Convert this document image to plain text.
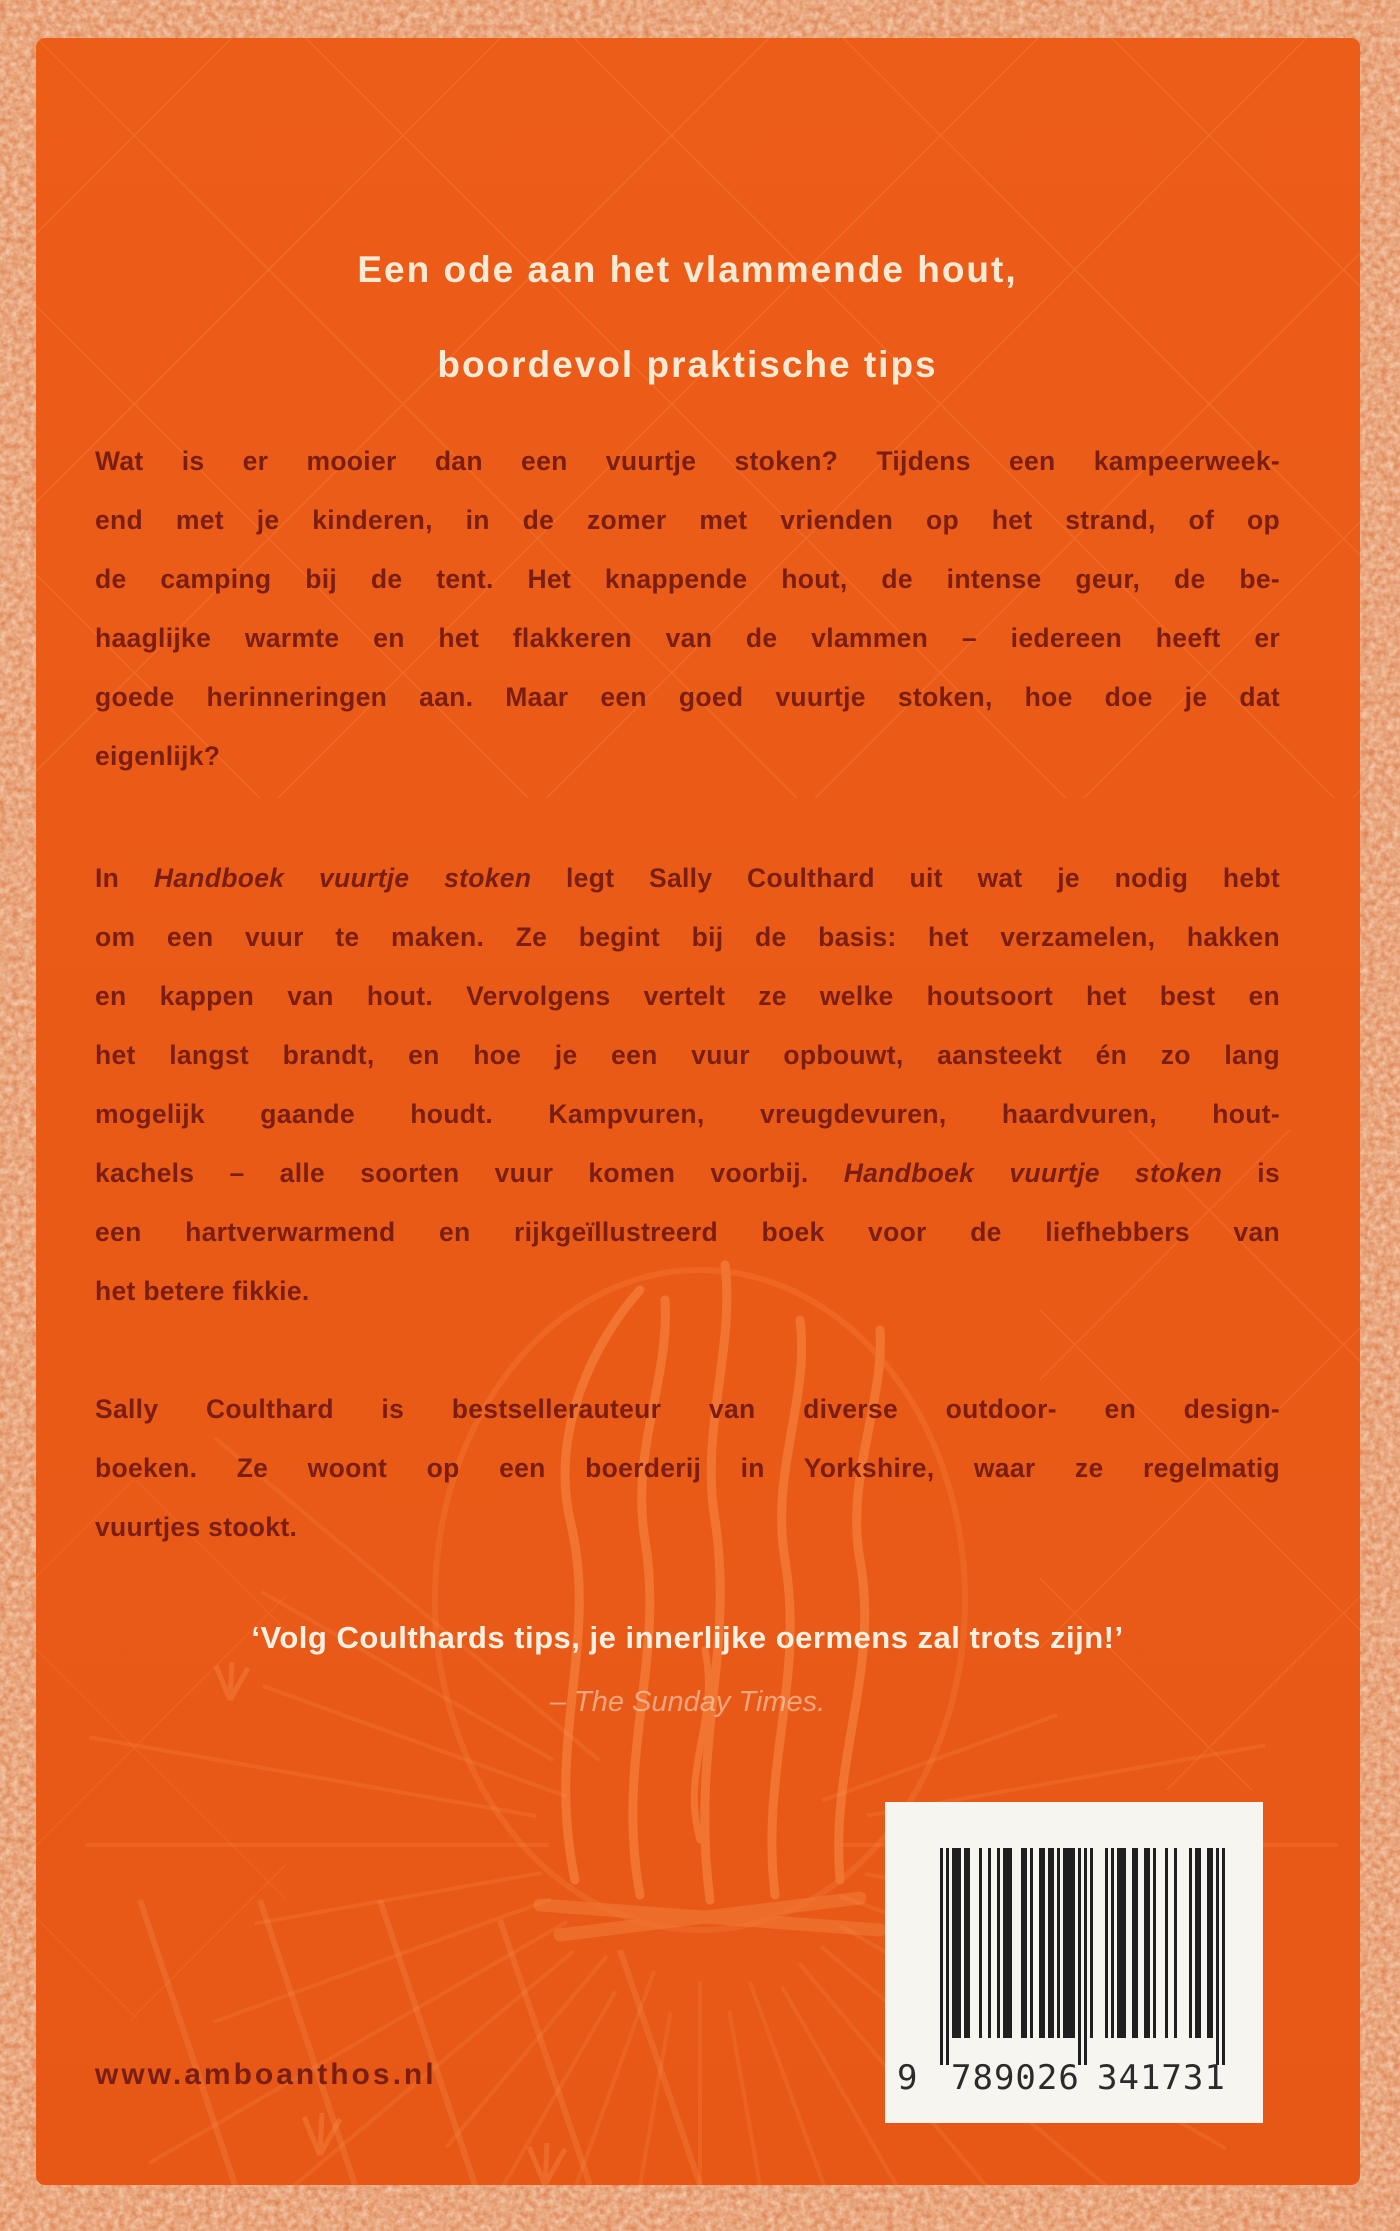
Een ode aan het vlammende hout,
boordevol praktische tips
Wat is er mooier dan een vuurtje stoken? Tijdens een kampeerweek-
end met je kinderen, in de zomer met vrienden op het strand, of op
de camping bij de tent. Het knappende hout, de intense geur, de be-
haaglijke warmte en het flakkeren van de vlammen – iedereen heeft er
goede herinneringen aan. Maar een goed vuurtje stoken, hoe doe je dat
eigenlijk?
In Handboek vuurtje stoken legt Sally Coulthard uit wat je nodig hebt
om een vuur te maken. Ze begint bij de basis: het verzamelen, hakken
en kappen van hout. Vervolgens vertelt ze welke houtsoort het best en
het langst brandt, en hoe je een vuur opbouwt, aansteekt én zo lang
mogelijk gaande houdt. Kampvuren, vreugdevuren, haardvuren, hout-
kachels – alle soorten vuur komen voorbij. Handboek vuurtje stoken is
een hartverwarmend en rijkgeïllustreerd boek voor de liefhebbers van
het betere fikkie.
Sally Coulthard is bestsellerauteur van diverse outdoor- en design-
boeken. Ze woont op een boerderij in Yorkshire, waar ze regelmatig
vuurtjes stookt.
‘Volg Coulthards tips, je innerlijke oermens zal trots zijn!’
– The Sunday Times.
www.amboanthos.nl	9 789026 341731
